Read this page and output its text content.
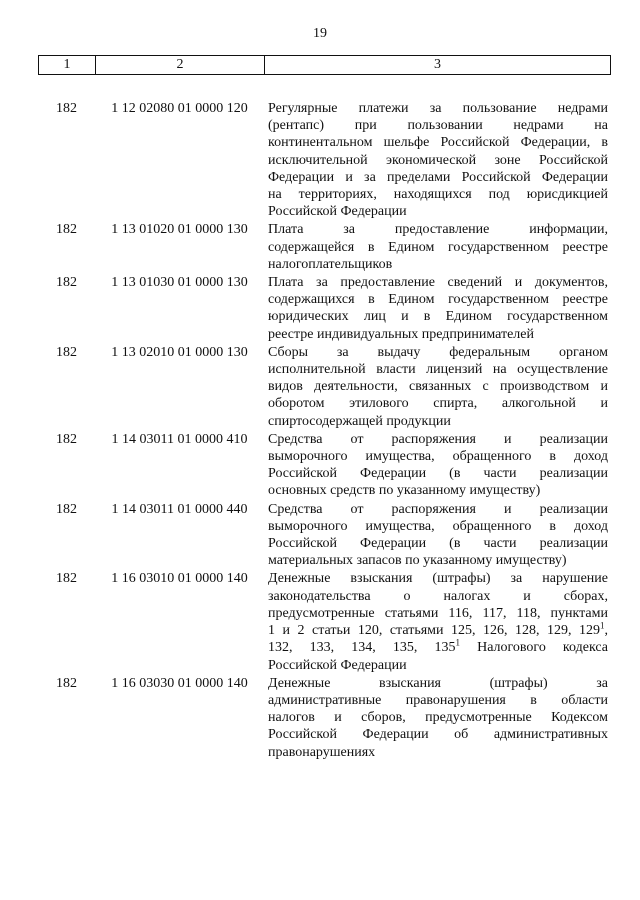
19
1	2	3
182	1 12 02080 01 0000 120	Регулярные платежи за пользование недрами
(рентапс) при пользовании недрами на
континентальном шельфе Российской Федерации, в
исключительной экономической зоне Российской
Федерации и за пределами Российской Федерации
на территориях, находящихся под юрисдикцией
Российской Федерации
182	1 13 01020 01 0000 130	Плата за предоставление информации,
содержащейся в Едином государственном реестре
налогоплательщиков
182	1 13 01030 01 0000 130	Плата за предоставление сведений и документов,
содержащихся в Едином государственном реестре
юридических лиц и в Едином государственном
реестре индивидуальных предпринимателей
182	1 13 02010 01 0000 130	Сборы за выдачу федеральным органом
исполнительной власти лицензий на осуществление
видов деятельности, связанных с производством и
оборотом этилового спирта, алкогольной и
спиртосодержащей продукции
182	1 14 03011 01 0000 410	Средства от распоряжения и реализации
выморочного имущества, обращенного в доход
Российской Федерации (в части реализации
основных средств по указанному имуществу)
182	1 14 03011 01 0000 440	Средства от распоряжения и реализации
выморочного имущества, обращенного в доход
Российской Федерации (в части реализации
материальных запасов по указанному имуществу)
182	1 16 03010 01 0000 140	Денежные взыскания (штрафы) за нарушение
законодательства о налогах и сборах,
предусмотренные статьями 116, 117, 118, пунктами
1 и 2 статьи 120, статьями 125, 126, 128, 129, $129^1$,
132, 133, 134, 135, $135^1$ Налогового кодекса
Российской Федерации
182	1 16 03030 01 0000 140	Денежные взыскания (штрафы) за
административные правонарушения в области
налогов и сборов, предусмотренные Кодексом
Российской Федерации об административных
правонарушениях
